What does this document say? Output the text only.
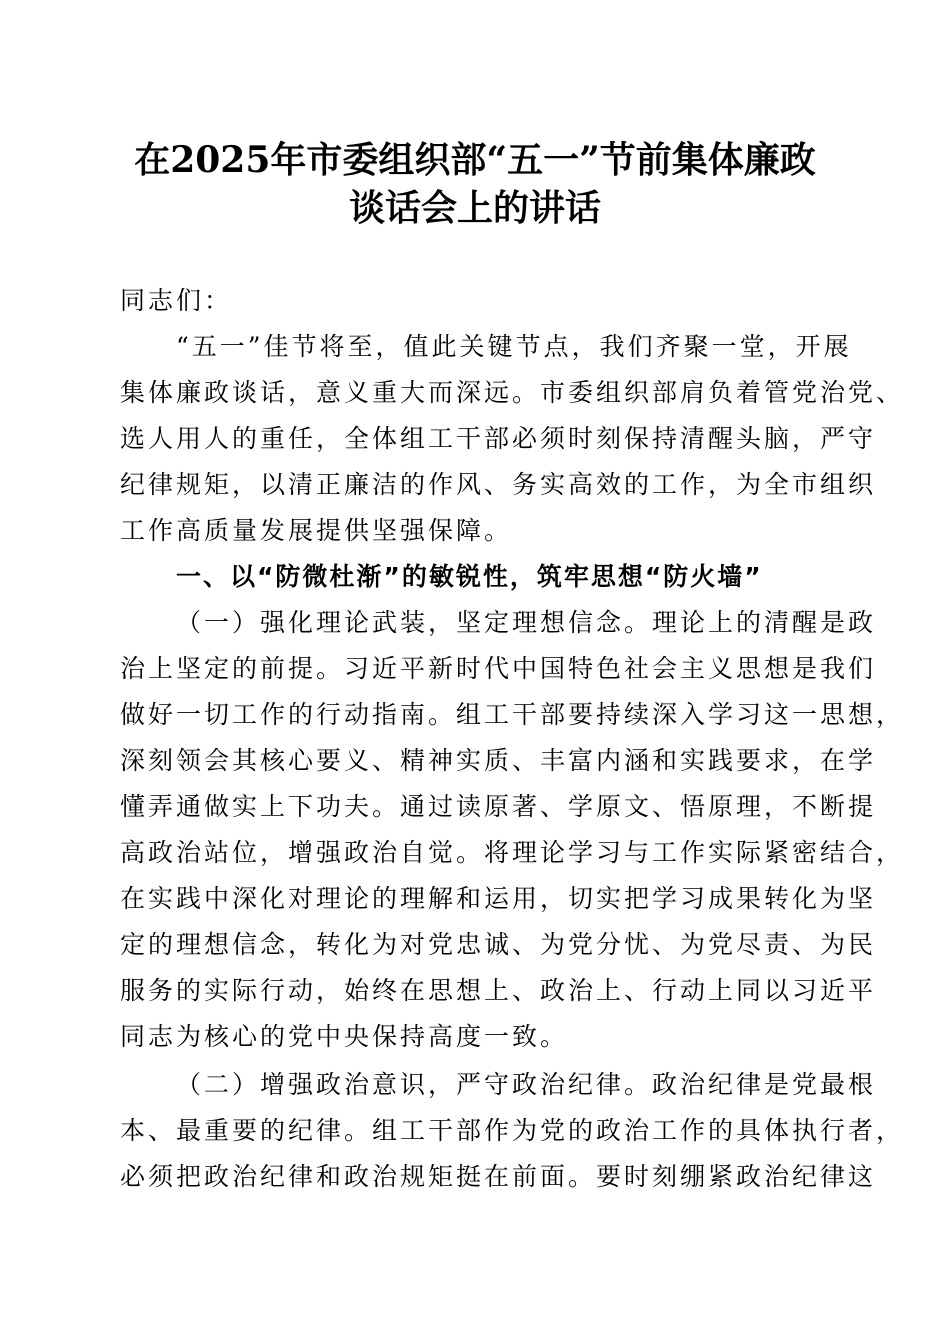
在2025年市委组织部“五一”节前集体廉政
谈话会上的讲话
同志们：
“五一”佳节将至，值此关键节点，我们齐聚一堂，开展
集体廉政谈话，意义重大而深远。市委组织部肩负着管党治党、
选人用人的重任，全体组工干部必须时刻保持清醒头脑，严守
纪律规矩，以清正廉洁的作风、务实高效的工作，为全市组织
工作高质量发展提供坚强保障。
一、以“防微杜渐”的敏锐性，筑牢思想“防火墙”
（一）强化理论武装，坚定理想信念。理论上的清醒是政
治上坚定的前提。习近平新时代中国特色社会主义思想是我们
做好一切工作的行动指南。组工干部要持续深入学习这一思想，
深刻领会其核心要义、精神实质、丰富内涵和实践要求，在学
懂弄通做实上下功夫。通过读原著、学原文、悟原理，不断提
高政治站位，增强政治自觉。将理论学习与工作实际紧密结合，
在实践中深化对理论的理解和运用，切实把学习成果转化为坚
定的理想信念，转化为对党忠诚、为党分忧、为党尽责、为民
服务的实际行动，始终在思想上、政治上、行动上同以习近平
同志为核心的党中央保持高度一致。
（二）增强政治意识，严守政治纪律。政治纪律是党最根
本、最重要的纪律。组工干部作为党的政治工作的具体执行者，
必须把政治纪律和政治规矩挺在前面。要时刻绷紧政治纪律这
